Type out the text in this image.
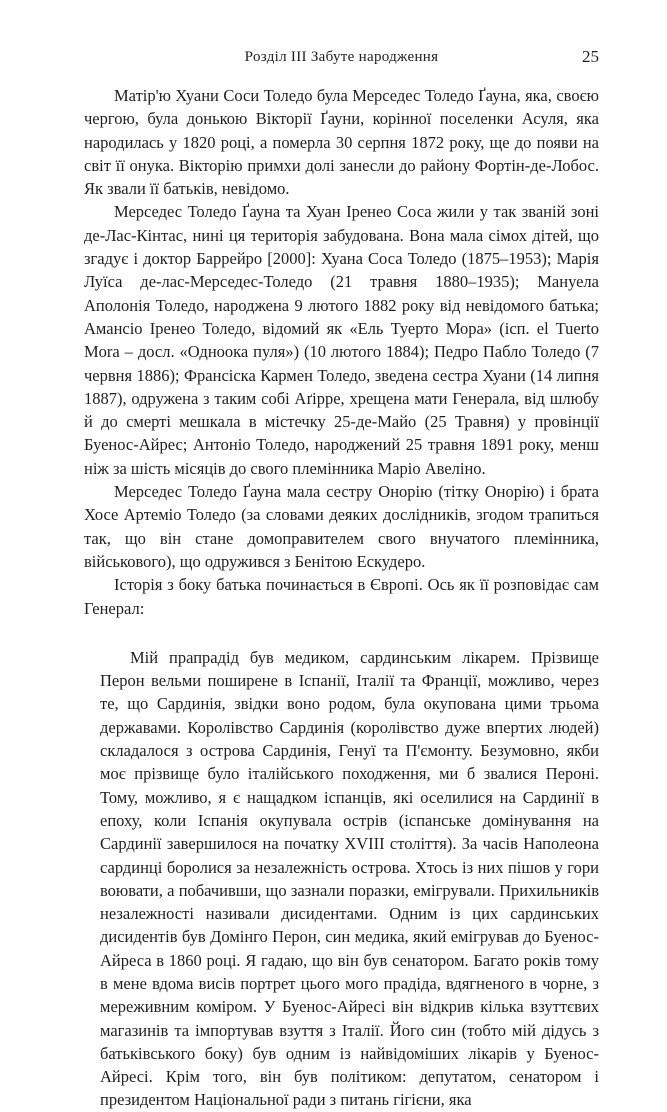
Розділ III Забуте народження	25

Матір'ю Хуани Соси Толедо була Мерседес Толедо Ґауна, яка, своєю чергою, була донькою Вікторії Ґауни, корінної поселенки Асуля, яка народилась у 1820 році, а померла 30 серпня 1872 року, ще до появи на світ її онука. Вікторію примхи долі занесли до району Фортін-де-Лобос. Як звали її батьків, невідомо.

Мерседес Толедо Ґауна та Хуан Іренео Соса жили у так званій зоні де-Лас-Кінтас, нині ця територія забудована. Вона мала сімох дітей, що згадує і доктор Баррейро [2000]: Хуана Соса Толедо (1875–1953); Марія Луїса де-лас-Мерседес-Толедо (21 травня 1880–1935); Мануела Аполонія Толедо, народжена 9 лютого 1882 року від невідомого батька; Амансіо Іренео Толедо, відомий як «Ель Туерто Мора» (ісп. el Tuerto Mora – досл. «Одноока пуля») (10 лютого 1884); Педро Пабло Толедо (7 червня 1886); Франсіска Кармен Толедо, зведена сестра Хуани (14 липня 1887), одружена з таким собі Аґірре, хрещена мати Генерала, від шлюбу й до смерті мешкала в містечку 25-де-Майо (25 Травня) у провінції Буенос-Айрес; Антоніо Толедо, народжений 25 травня 1891 року, менш ніж за шість місяців до свого племінника Маріо Авеліно.

Мерседес Толедо Ґауна мала сестру Онорію (тітку Онорію) і брата Хосе Артеміо Толедо (за словами деяких дослідників, згодом трапиться так, що він стане домоправителем свого внучатого племінника, військового), що одружився з Бенітою Ескудеро.

Історія з боку батька починається в Європі. Ось як її розповідає сам Генерал:

Мій прапрадід був медиком, сардинським лікарем. Прізвище Перон вельми поширене в Іспанії, Італії та Франції, можливо, через те, що Сардинія, звідки воно родом, була окупована цими трьома державами. Королівство Сардинія (королівство дуже впертих людей) складалося з острова Сардинія, Генуї та П'ємонту. Безумовно, якби моє прізвище було італійського походження, ми б звалися Пероні. Тому, можливо, я є нащадком іспанців, які оселилися на Сардинії в епоху, коли Іспанія окупувала острів (іспанське домінування на Сардинії завершилося на початку XVIII століття). За часів Наполеона сардинці боролися за незалежність острова. Хтось із них пішов у гори воювати, а побачивши, що зазнали поразки, емігрували. Прихильників незалежності називали дисидентами. Одним із цих сардинських дисидентів був Домінго Перон, син медика, який емігрував до Буенос-Айреса в 1860 році. Я гадаю, що він був сенатором. Багато років тому в мене вдома висів портрет цього мого прадіда, вдягненого в чорне, з мереживним коміром. У Буенос-Айресі він відкрив кілька взуттєвих магазинів та імпортував взуття з Італії. Його син (тобто мій дідусь з батьківського боку) був одним із найвідоміших лікарів у Буенос-Айресі. Крім того, він був політиком: депутатом, сенатором і президентом Національної ради з питань гігієни, яка
